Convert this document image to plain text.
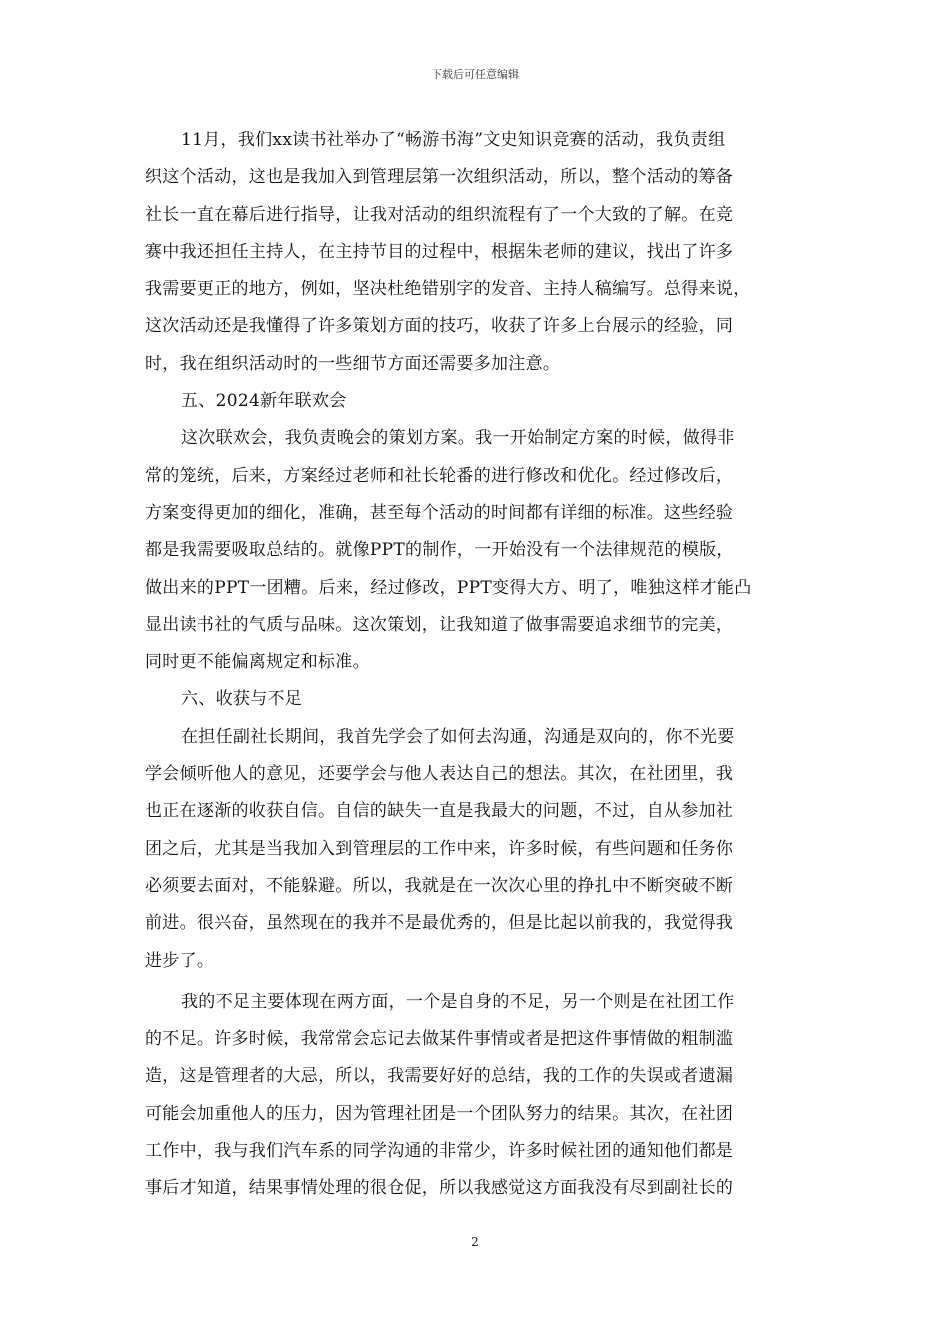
下载后可任意编辑
11月，我们xx读书社举办了“畅游书海”文史知识竞赛的活动，我负责组
织这个活动，这也是我加入到管理层第一次组织活动，所以，整个活动的筹备
社长一直在幕后进行指导，让我对活动的组织流程有了一个大致的了解。在竞
赛中我还担任主持人，在主持节目的过程中，根据朱老师的建议，找出了许多
我需要更正的地方，例如，坚决杜绝错别字的发音、主持人稿编写。总得来说，
这次活动还是我懂得了许多策划方面的技巧，收获了许多上台展示的经验，同
时，我在组织活动时的一些细节方面还需要多加注意。
五、2024新年联欢会
这次联欢会，我负责晚会的策划方案。我一开始制定方案的时候，做得非
常的笼统，后来，方案经过老师和社长轮番的进行修改和优化。经过修改后，
方案变得更加的细化，准确，甚至每个活动的时间都有详细的标准。这些经验
都是我需要吸取总结的。就像PPT的制作，一开始没有一个法律规范的模版，
做出来的PPT一团糟。后来，经过修改，PPT变得大方、明了，唯独这样才能凸
显出读书社的气质与品味。这次策划，让我知道了做事需要追求细节的完美，
同时更不能偏离规定和标准。
六、收获与不足
在担任副社长期间，我首先学会了如何去沟通，沟通是双向的，你不光要
学会倾听他人的意见，还要学会与他人表达自己的想法。其次，在社团里，我
也正在逐渐的收获自信。自信的缺失一直是我最大的问题，不过，自从参加社
团之后，尤其是当我加入到管理层的工作中来，许多时候，有些问题和任务你
必须要去面对，不能躲避。所以，我就是在一次次心里的挣扎中不断突破不断
前进。很兴奋，虽然现在的我并不是最优秀的，但是比起以前我的，我觉得我
进步了。
我的不足主要体现在两方面，一个是自身的不足，另一个则是在社团工作
的不足。许多时候，我常常会忘记去做某件事情或者是把这件事情做的粗制滥
造，这是管理者的大忌，所以，我需要好好的总结，我的工作的失误或者遗漏
可能会加重他人的压力，因为管理社团是一个团队努力的结果。其次，在社团
工作中，我与我们汽车系的同学沟通的非常少，许多时候社团的通知他们都是
事后才知道，结果事情处理的很仓促，所以我感觉这方面我没有尽到副社长的
2
